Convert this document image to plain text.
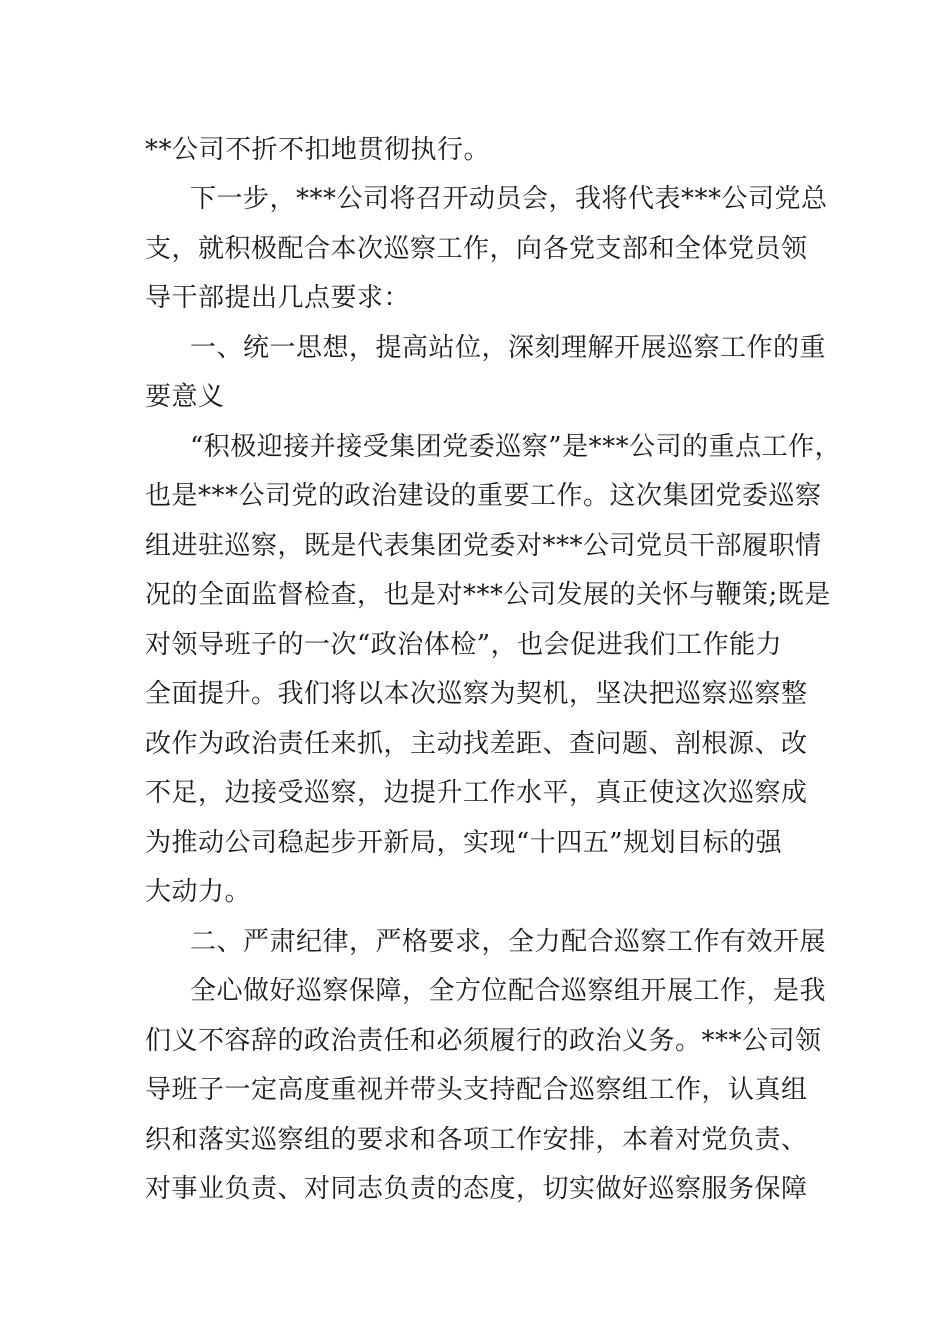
**公司不折不扣地贯彻执行。
下一步，***公司将召开动员会，我将代表***公司党总
支，就积极配合本次巡察工作，向各党支部和全体党员领
导干部提出几点要求：
一、统一思想，提高站位，深刻理解开展巡察工作的重
要意义
“积极迎接并接受集团党委巡察”是***公司的重点工作，
也是***公司党的政治建设的重要工作。这次集团党委巡察
组进驻巡察，既是代表集团党委对***公司党员干部履职情
况的全面监督检查，也是对***公司发展的关怀与鞭策;既是
对领导班子的一次“政治体检”，也会促进我们工作能力
全面提升。我们将以本次巡察为契机，坚决把巡察巡察整
改作为政治责任来抓，主动找差距、查问题、剖根源、改
不足，边接受巡察，边提升工作水平，真正使这次巡察成
为推动公司稳起步开新局，实现“十四五”规划目标的强
大动力。
二、严肃纪律，严格要求，全力配合巡察工作有效开展
全心做好巡察保障，全方位配合巡察组开展工作，是我
们义不容辞的政治责任和必须履行的政治义务。***公司领
导班子一定高度重视并带头支持配合巡察组工作，认真组
织和落实巡察组的要求和各项工作安排，本着对党负责、
对事业负责、对同志负责的态度，切实做好巡察服务保障
